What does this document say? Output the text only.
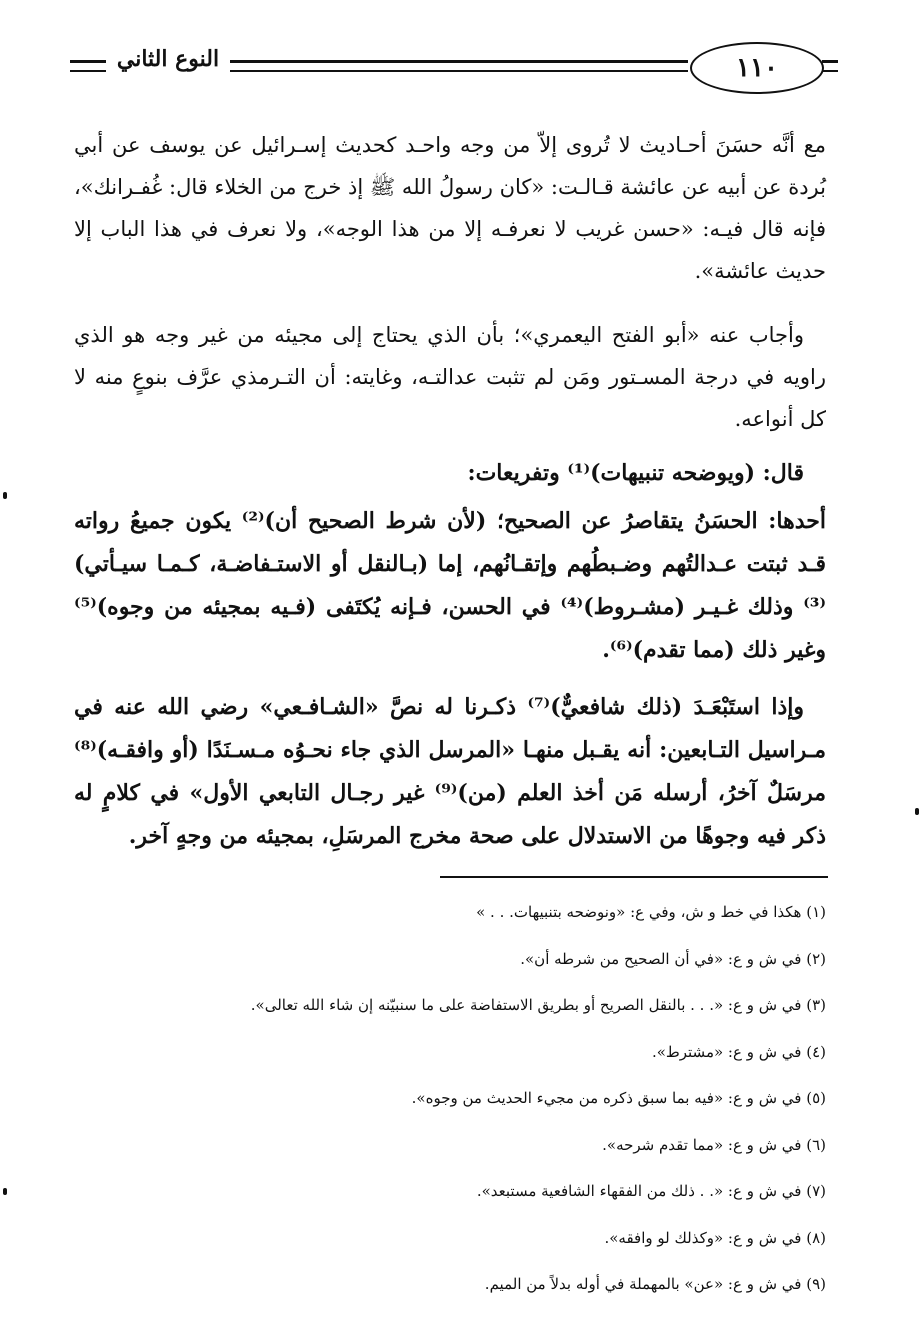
النوع الثاني	١١٠
مع أنَّه حسَنَ أحـاديث لا تُروى إلاّ من وجه واحـد كحديث إسـرائيل عن يوسف عن أبي بُردة عن أبيه عن عائشة قـالـت: «كان رسولُ الله ﷺ إذ خرج من الخلاء قال: غُفـرانك»، فإنه قال فيـه: «حسن غريب لا نعرفـه إلا من هذا الوجه»، ولا نعرف في هذا الباب إلا حديث عائشة».
وأجاب عنه «أبو الفتح اليعمري»؛ بأن الذي يحتاج إلى مجيئه من غير وجه هو الذي راويه في درجة المسـتور ومَن لم تثبت عدالتـه، وغايته: أن التـرمذي عرَّف بنوعٍ منه لا كل أنواعه.
قال: (ويوضحه تنبيهات)⁽¹⁾ وتفريعات:
أحدها: الحسَنُ يتقاصرُ عن الصحيح؛ (لأن شرط الصحيح أن)⁽²⁾ يكون جميعُ رواته قـد ثبتت عـدالتُهم وضـبطُهم وإتقـانُهم، إما (بـالنقل أو الاستـفاضـة، كـمـا سيـأتي)⁽³⁾ وذلك غـيـر (مشـروط)⁽⁴⁾ في الحسن، فـإنه يُكتَفى (فـيه بمجيئه من وجوه)⁽⁵⁾ وغير ذلك (مما تقدم)⁽⁶⁾.
وإذا استَبْعَـدَ (ذلك شافعيٌّ)⁽⁷⁾ ذكـرنا له نصَّ «الشـافـعي» رضي الله عنه في مـراسيل التـابعين: أنه يقـبل منهـا «المرسل الذي جاء نحـوُه مـسـنَدًا (أو وافقـه)⁽⁸⁾ مرسَلٌ آخرُ، أرسله مَن أخذ العلم (من)⁽⁹⁾ غير رجـال التابعي الأول» في كلامٍ له ذكر فيه وجوهًا من الاستدلال على صحة مخرج المرسَلِ، بمجيئه من وجهٍ آخر.
(١) هكذا في خط و ش، وفي ع: «ونوضحه بتنبيهات. . . »
(٢) في ش و ع: «في أن الصحيح من شرطه أن».
(٣) في ش و ع: «. . . بالنقل الصريح أو بطريق الاستفاضة على ما سنبيّنه إن شاء الله تعالى».
(٤) في ش و ع: «مشترط».
(٥) في ش و ع: «فيه بما سبق ذكره من مجيء الحديث من وجوه».
(٦) في ش و ع: «مما تقدم شرحه».
(٧) في ش و ع: «. . ذلك من الفقهاء الشافعية مستبعد».
(٨) في ش و ع: «وكذلك لو وافقه».
(٩) في ش و ع: «عن» بالمهملة في أوله بدلاً من الميم.
